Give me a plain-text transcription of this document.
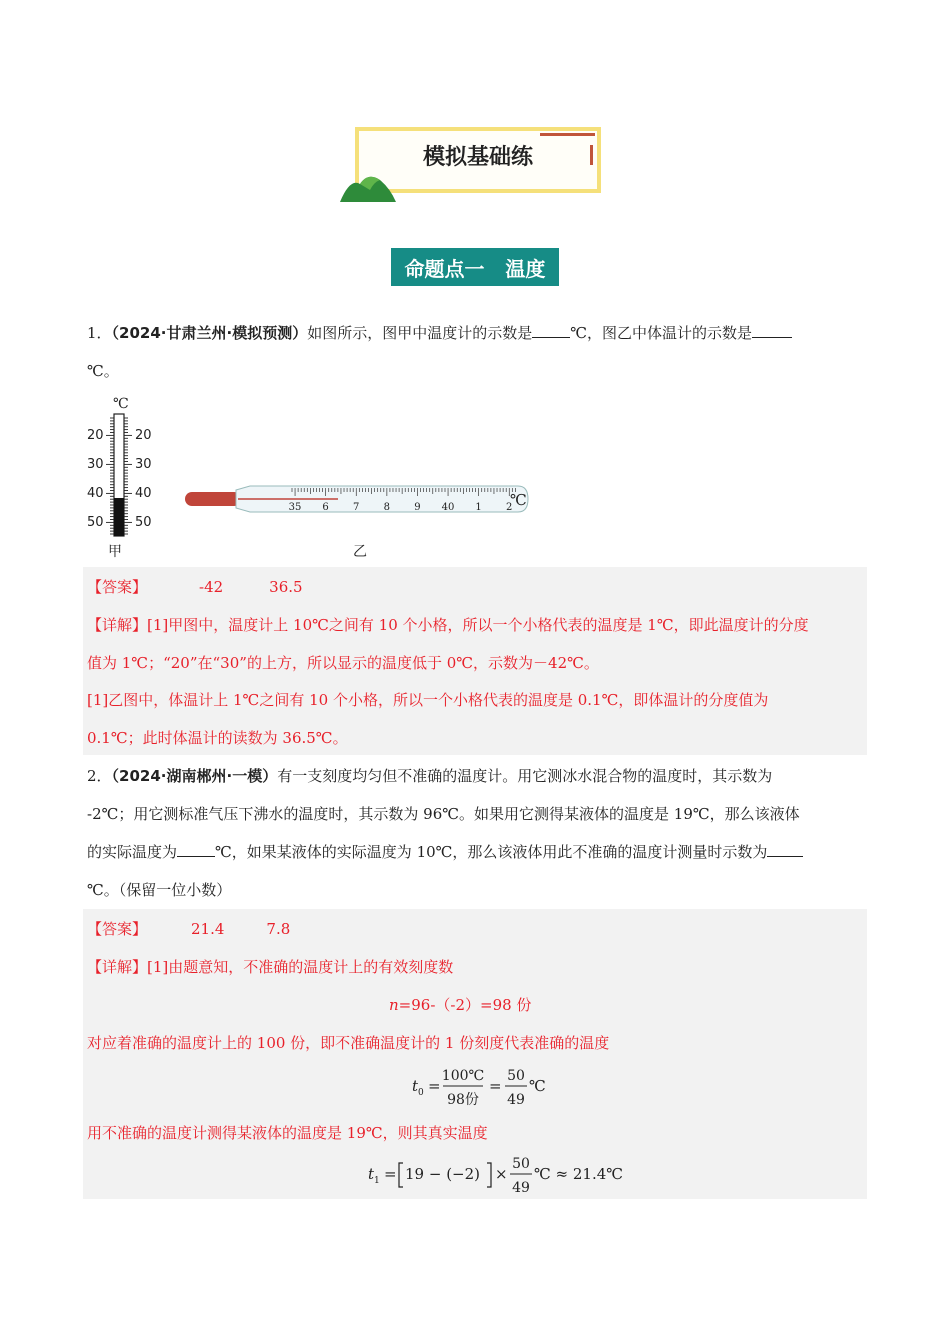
模拟基础练
命题点一   温度
1．（2024·甘肃兰州·模拟预测）如图所示，图甲中温度计的示数是	℃，图乙中体温计的示数是
℃。
℃
20 20
30 30
40 40
50 50
甲
35 6 7 8 9 40 1 2
℃
乙
【答案】	-42	36.5
【详解】[1]甲图中，温度计上 10℃之间有 10 个小格，所以一个小格代表的温度是 1℃，即此温度计的分度
值为 1℃；“20”在“30”的上方，所以显示的温度低于 0℃，示数为－42℃。
[1]乙图中，体温计上 1℃之间有 10 个小格，所以一个小格代表的温度是 0.1℃，即体温计的分度值为
0.1℃；此时体温计的读数为 36.5℃。
2．（2024·湖南郴州·一模）有一支刻度均匀但不准确的温度计。用它测冰水混合物的温度时，其示数为
-2℃；用它测标准气压下沸水的温度时，其示数为 96℃。如果用它测得某液体的温度是 19℃，那么该液体
的实际温度为	℃，如果某液体的实际温度为 10℃，那么该液体用此不准确的温度计测量时示数为
℃。（保留一位小数）
【答案】	21.4	7.8
【详解】[1]由题意知，不准确的温度计上的有效刻度数
n=96-（-2）=98 份
对应着准确的温度计上的 100 份，即不准确温度计的 1 份刻度代表准确的温度
t 0 =
100℃
98份
=
50
49
℃
用不准确的温度计测得某液体的温度是 19℃，则其真实温度
t 1 = 19 − (−2) ×
50
49
℃ ≈ 21.4℃
